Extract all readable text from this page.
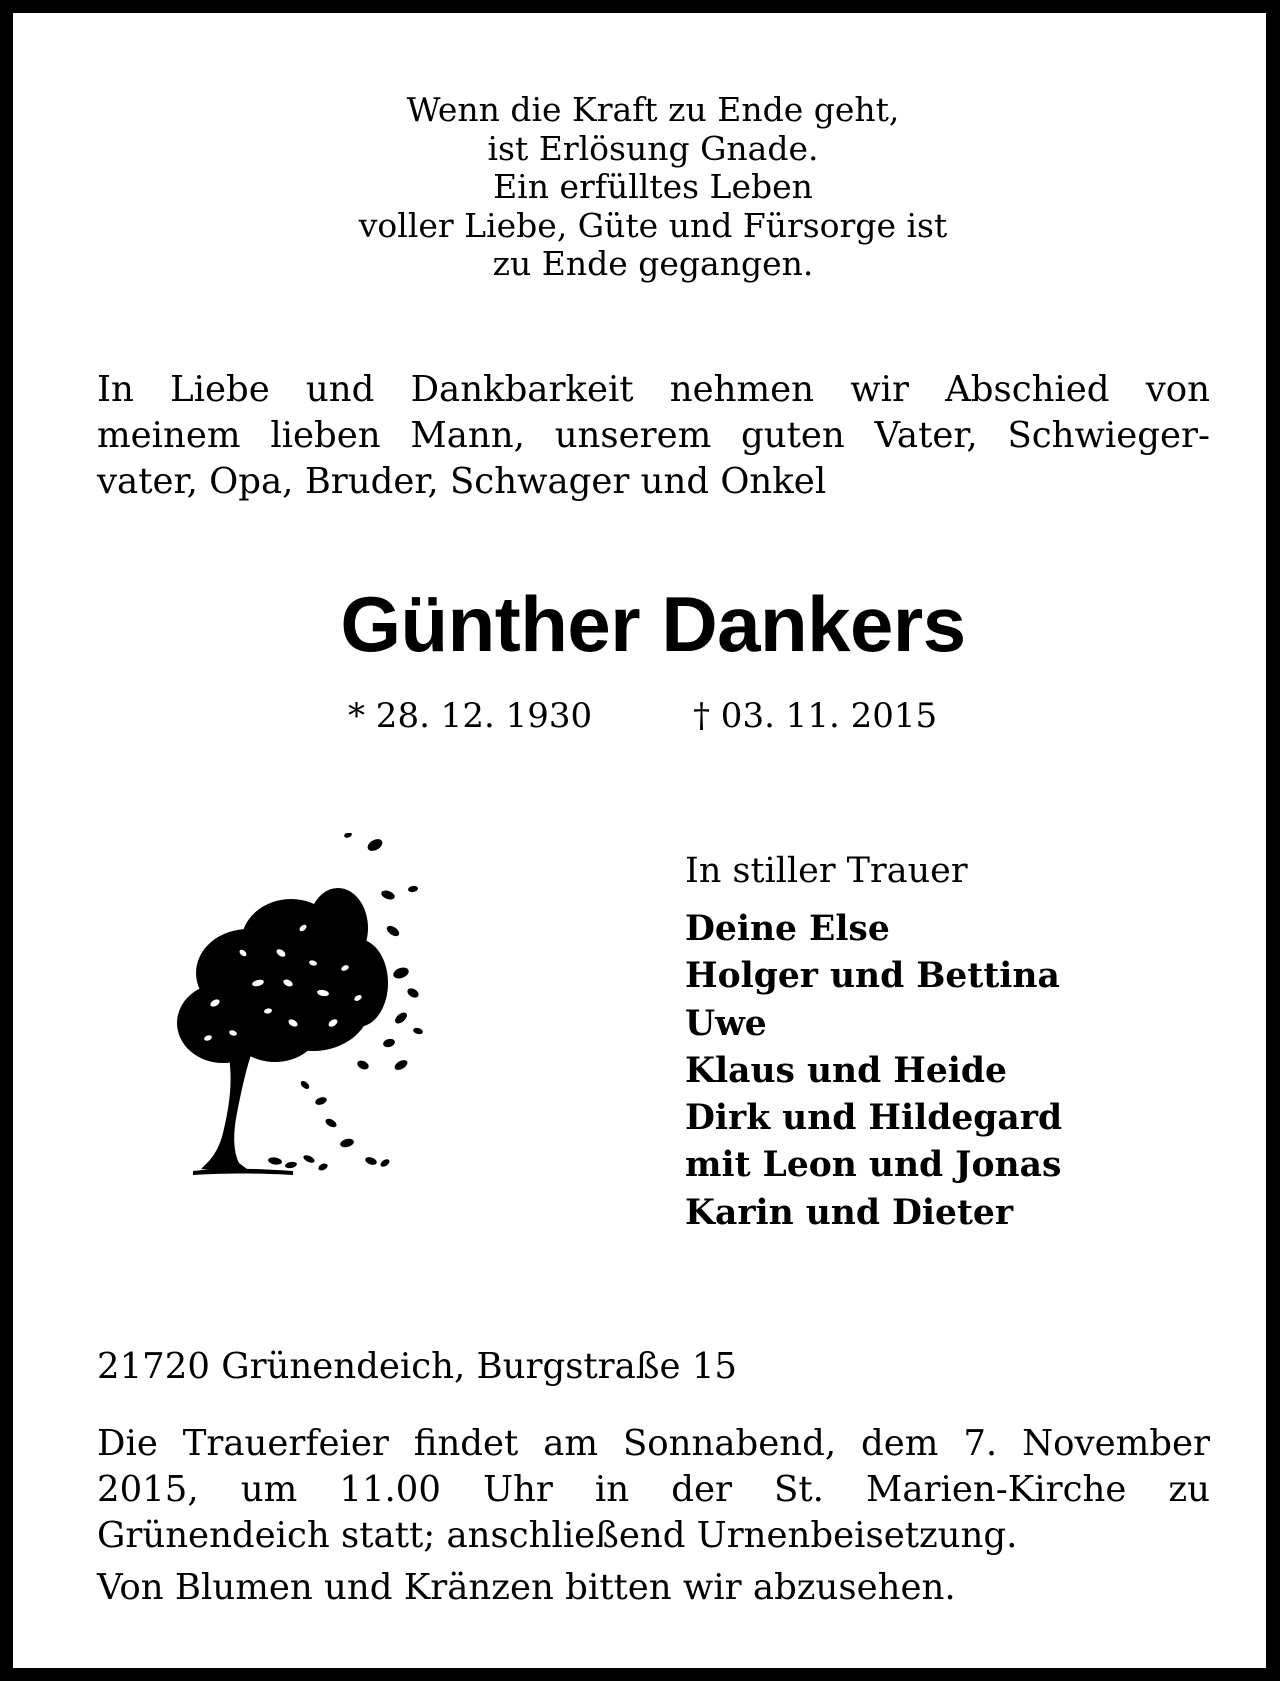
Wenn die Kraft zu Ende geht,
ist Erlösung Gnade.
Ein erfülltes Leben
voller Liebe, Güte und Fürsorge ist
zu Ende gegangen.
In Liebe und Dankbarkeit nehmen wir Abschied von
meinem lieben Mann, unserem guten Vater, Schwieger-
vater, Opa, Bruder, Schwager und Onkel
Günther Dankers
* 28. 12. 1930	† 03. 11. 2015
In stiller Trauer
Deine Else
Holger und Bettina
Uwe
Klaus und Heide
Dirk und Hildegard
mit Leon und Jonas
Karin und Dieter
21720 Grünendeich, Burgstraße 15
Die Trauerfeier findet am Sonnabend, dem 7. November
2015, um 11.00 Uhr in der St. Marien-Kirche zu
Grünendeich statt; anschließend Urnenbeisetzung.
Von Blumen und Kränzen bitten wir abzusehen.
